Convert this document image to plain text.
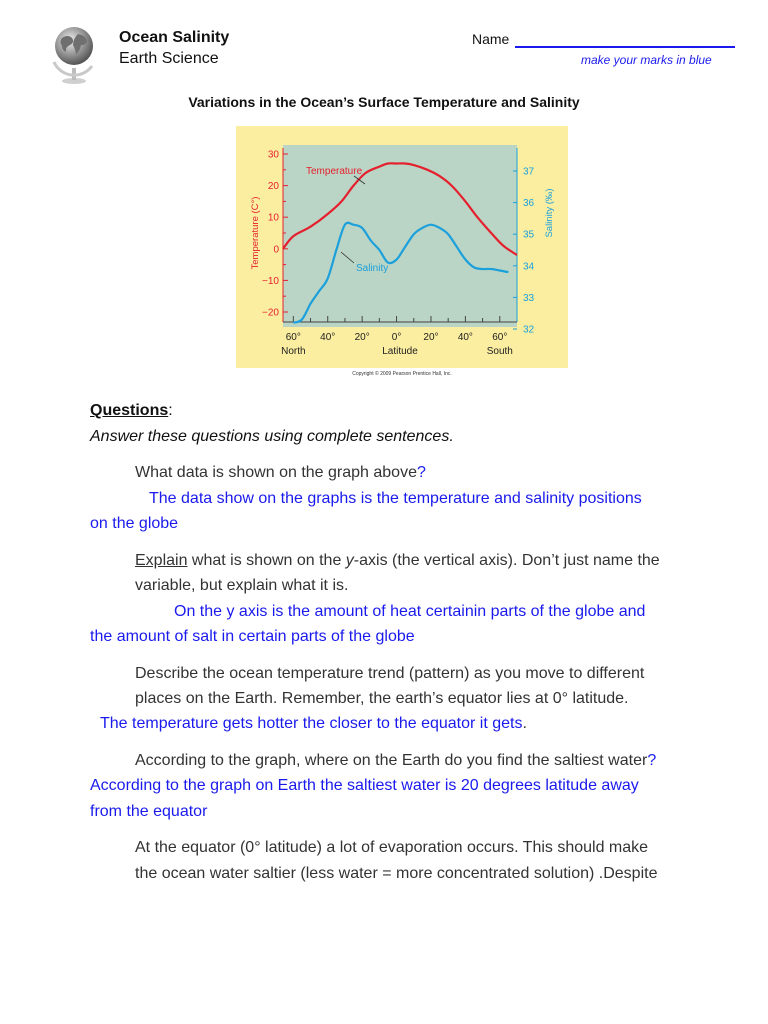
Ocean Salinity
Earth Science
Name
make your marks in blue
Variations in the Ocean’s Surface Temperature and Salinity
30
20
10
0
−10
−20
37
36
35
34
33
32
60° 40° 20° 0° 20° 40° 60°
North	South
Latitude
Temperature (C°)	Salinity (‰)
Temperature
Salinity
Copyright © 2009 Pearson Prentice Hall, Inc.
Questions:
Answer these questions using complete sentences.
What data is shown on the graph above?
The data show on the graphs is the temperature and salinity positions
on the globe
Explain what is shown on the y-axis (the vertical axis). Don’t just name the
variable, but explain what it is.
On the y axis is the amount of heat certainin parts of the globe and
the amount of salt in certain parts of the globe
Describe the ocean temperature trend (pattern) as you move to different
places on the Earth. Remember, the earth’s equator lies at 0° latitude.
The temperature gets hotter the closer to the equator it gets.
According to the graph, where on the Earth do you find the saltiest water?
According to the graph on Earth the saltiest water is 20 degrees latitude away
from the equator
At the equator (0° latitude) a lot of evaporation occurs. This should make
the ocean water saltier (less water = more concentrated solution) .Despite
